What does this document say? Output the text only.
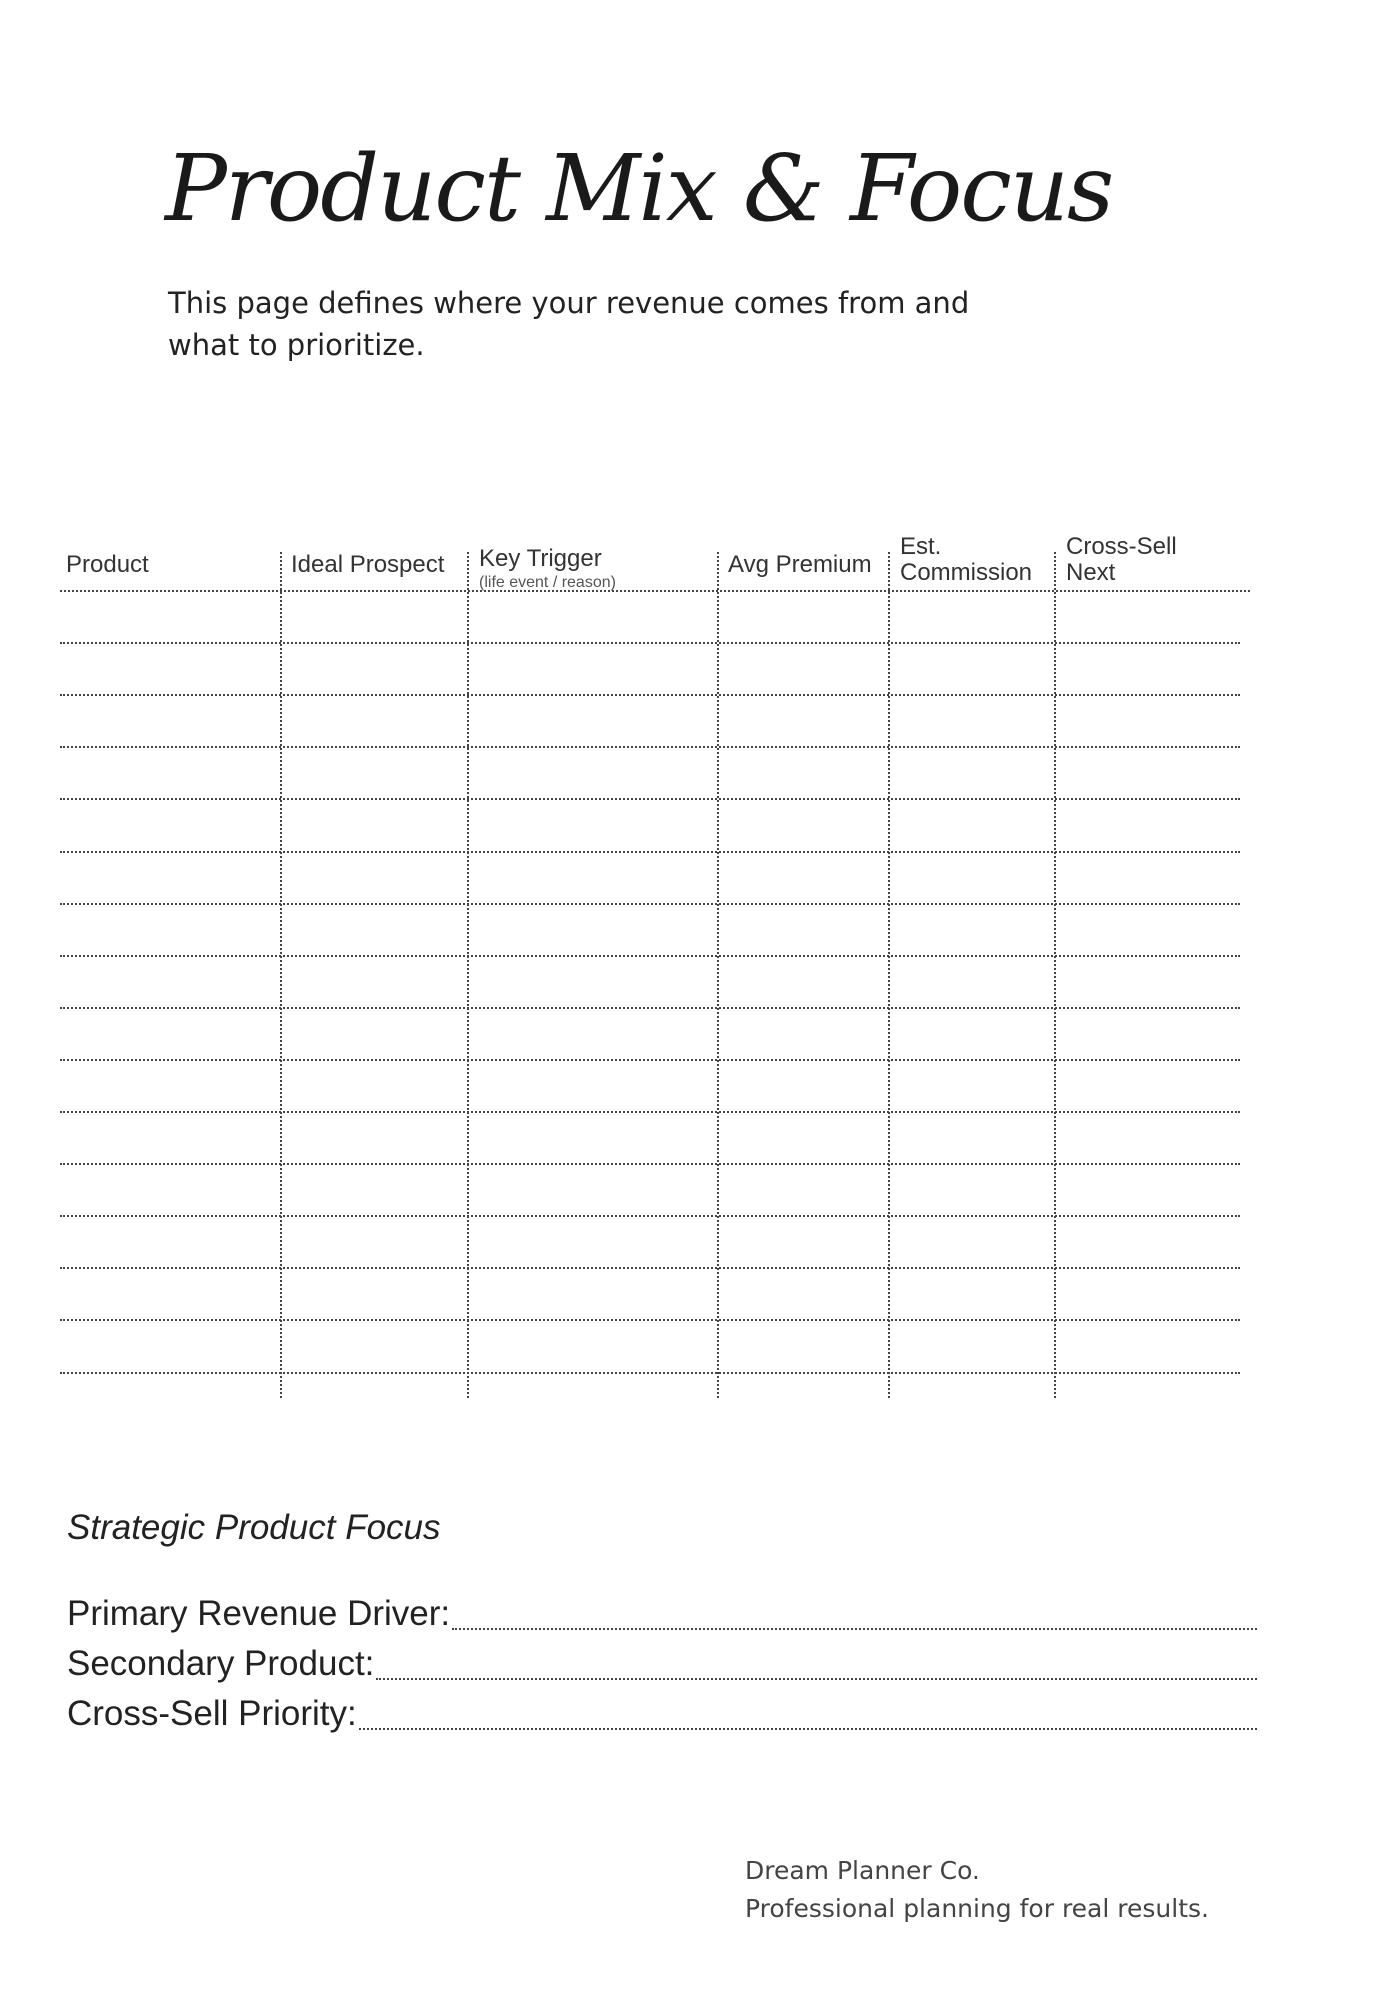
Product Mix & Focus

This page defines where your revenue comes from and what to prioritize.

Product	Ideal Prospect Key Trigger
(life event / reason)
Avg Premium
Est. Commission
Cross-Sell Next
Strategic Product Focus
Primary Revenue Driver:
Secondary Product:
Cross-Sell Priority:
Dream Planner Co.
Professional planning for real results.
